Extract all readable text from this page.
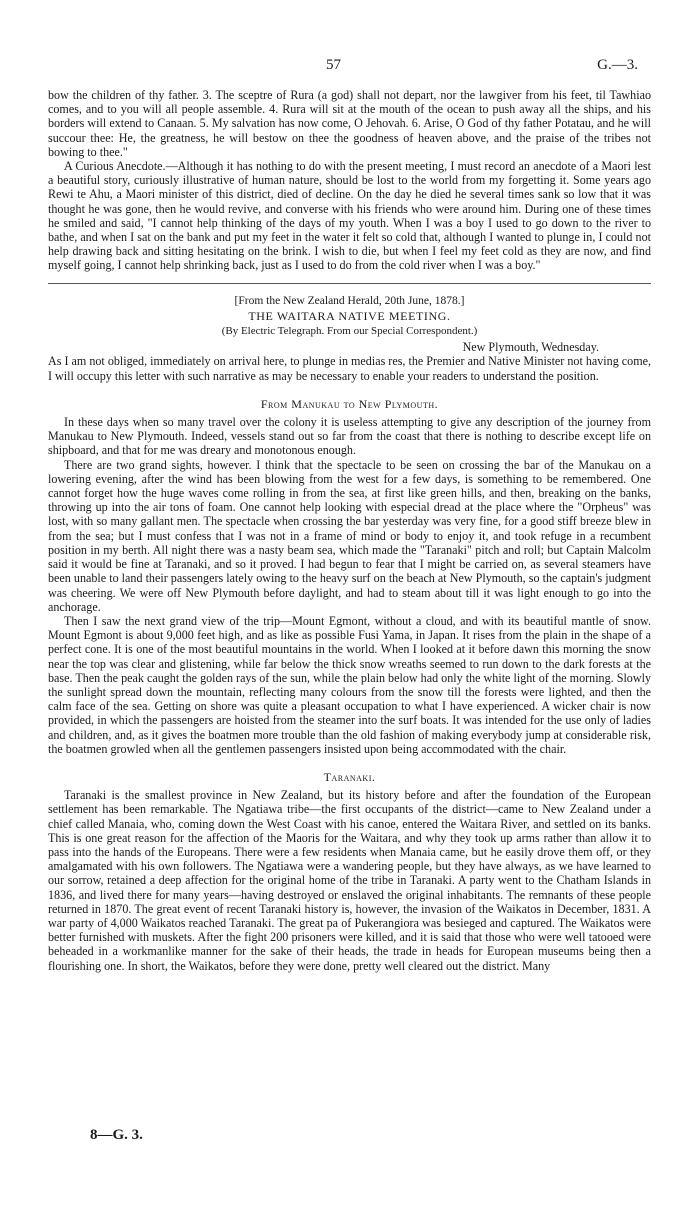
57	G.—3.

bow the children of thy father. 3. The sceptre of Rura (a god) shall not depart, nor the lawgiver from his feet, til Tawhiao comes, and to you will all people assemble. 4. Rura will sit at the mouth of the ocean to push away all the ships, and his borders will extend to Canaan. 5. My salvation has now come, O Jehovah. 6. Arise, O God of thy father Potatau, and he will succour thee: He, the greatness, he will bestow on thee the goodness of heaven above, and the praise of the tribes not bowing to thee."

A Curious Anecdote.—Although it has nothing to do with the present meeting, I must record an anecdote of a Maori lest a beautiful story, curiously illustrative of human nature, should be lost to the world from my forgetting it. Some years ago Rewi te Ahu, a Maori minister of this district, died of decline. On the day he died he several times sank so low that it was thought he was gone, then he would revive, and converse with his friends who were around him. During one of these times he smiled and said, "I cannot help thinking of the days of my youth. When I was a boy I used to go down to the river to bathe, and when I sat on the bank and put my feet in the water it felt so cold that, although I wanted to plunge in, I could not help drawing back and sitting hesitating on the brink. I wish to die, but when I feel my feet cold as they are now, and find myself going, I cannot help shrinking back, just as I used to do from the cold river when I was a boy."

[From the New Zealand Herald, 20th June, 1878.]
THE WAITARA NATIVE MEETING.
(By Electric Telegraph. From our Special Correspondent.)
New Plymouth, Wednesday.

As I am not obliged, immediately on arrival here, to plunge in medias res, the Premier and Native Minister not having come, I will occupy this letter with such narrative as may be necessary to enable your readers to understand the position.

From Manukau to New Plymouth.

In these days when so many travel over the colony it is useless attempting to give any description of the journey from Manukau to New Plymouth. Indeed, vessels stand out so far from the coast that there is nothing to describe except life on shipboard, and that for me was dreary and monotonous enough.

There are two grand sights, however. I think that the spectacle to be seen on crossing the bar of the Manukau on a lowering evening, after the wind has been blowing from the west for a few days, is something to be remembered. One cannot forget how the huge waves come rolling in from the sea, at first like green hills, and then, breaking on the banks, throwing up into the air tons of foam. One cannot help looking with especial dread at the place where the "Orpheus" was lost, with so many gallant men. The spectacle when crossing the bar yesterday was very fine, for a good stiff breeze blew in from the sea; but I must confess that I was not in a frame of mind or body to enjoy it, and took refuge in a recumbent position in my berth. All night there was a nasty beam sea, which made the "Taranaki" pitch and roll; but Captain Malcolm said it would be fine at Taranaki, and so it proved. I had begun to fear that I might be carried on, as several steamers have been unable to land their passengers lately owing to the heavy surf on the beach at New Plymouth, so the captain's judgment was cheering. We were off New Plymouth before daylight, and had to steam about till it was light enough to go into the anchorage.

Then I saw the next grand view of the trip—Mount Egmont, without a cloud, and with its beautiful mantle of snow. Mount Egmont is about 9,000 feet high, and as like as possible Fusi Yama, in Japan. It rises from the plain in the shape of a perfect cone. It is one of the most beautiful mountains in the world. When I looked at it before dawn this morning the snow near the top was clear and glistening, while far below the thick snow wreaths seemed to run down to the dark forests at the base. Then the peak caught the golden rays of the sun, while the plain below had only the white light of the morning. Slowly the sunlight spread down the mountain, reflecting many colours from the snow till the forests were lighted, and then the calm face of the sea. Getting on shore was quite a pleasant occupation to what I have experienced. A wicker chair is now provided, in which the passengers are hoisted from the steamer into the surf boats. It was intended for the use only of ladies and children, and, as it gives the boatmen more trouble than the old fashion of making everybody jump at considerable risk, the boatmen growled when all the gentlemen passengers insisted upon being accommodated with the chair.

Taranaki.

Taranaki is the smallest province in New Zealand, but its history before and after the foundation of the European settlement has been remarkable. The Ngatiawa tribe—the first occupants of the district—came to New Zealand under a chief called Manaia, who, coming down the West Coast with his canoe, entered the Waitara River, and settled on its banks. This is one great reason for the affection of the Maoris for the Waitara, and why they took up arms rather than allow it to pass into the hands of the Europeans. There were a few residents when Manaia came, but he easily drove them off, or they amalgamated with his own followers. The Ngatiawa were a wandering people, but they have always, as we have learned to our sorrow, retained a deep affection for the original home of the tribe in Taranaki. A party went to the Chatham Islands in 1836, and lived there for many years—having destroyed or enslaved the original inhabitants. The remnants of these people returned in 1870. The great event of recent Taranaki history is, however, the invasion of the Waikatos in December, 1831. A war party of 4,000 Waikatos reached Taranaki. The great pa of Pukerangiora was besieged and captured. The Waikatos were better furnished with muskets. After the fight 200 prisoners were killed, and it is said that those who were well tatooed were beheaded in a workmanlike manner for the sake of their heads, the trade in heads for European museums being then a flourishing one. In short, the Waikatos, before they were done, pretty well cleared out the district. Many

8—G. 3.
